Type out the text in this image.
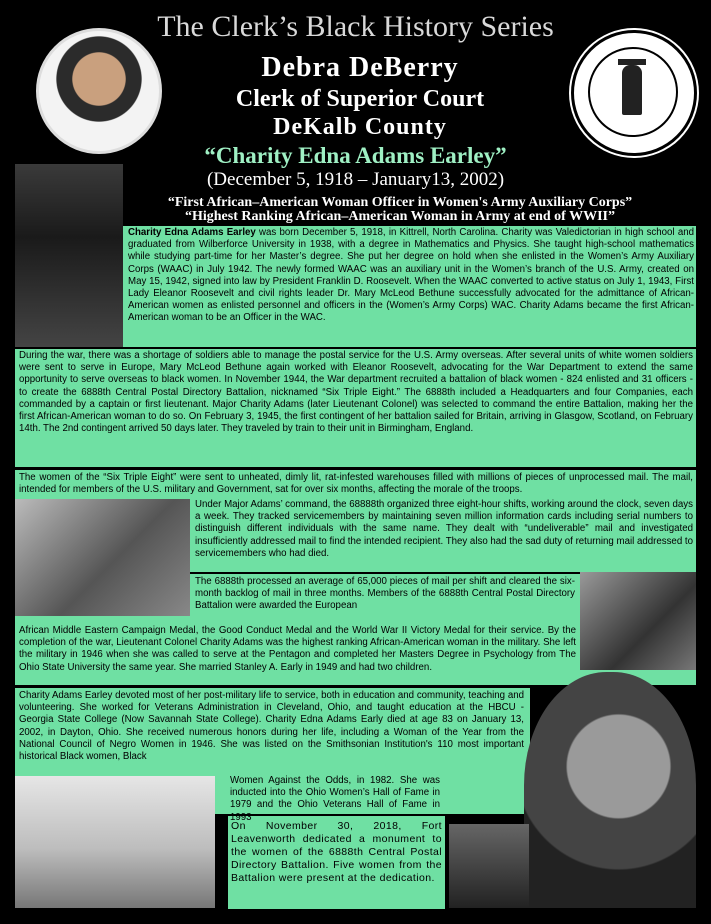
The Clerk’s Black History Series
Debra DeBerry
Clerk of Superior Court
DeKalb County
“Charity Edna Adams Earley”
(December 5, 1918 – January13, 2002)
“First African–American Woman Officer in Women's Army Auxiliary Corps”
“Highest Ranking African–American Woman in Army at end of WWII”

Charity Edna Adams Earley was born December 5, 1918, in Kittrell, North Carolina. Charity was Valedictorian in high school and graduated from Wilberforce University in 1938, with a degree in Mathematics and Physics. She taught high-school mathematics while studying part-time for her Master’s degree. She put her degree on hold when she enlisted in the Women’s Army Auxiliary Corps (WAAC) in July 1942. The newly formed WAAC was an auxiliary unit in the Women’s branch of the U.S. Army, created on May 15, 1942, signed into law by President Franklin D. Roosevelt. When the WAAC converted to active status on July 1, 1943, First Lady Eleanor Roosevelt and civil rights leader Dr. Mary McLeod Bethune successfully advocated for the admittance of African-American women as enlisted personnel and officers in the (Women’s Army Corps) WAC. Charity Adams became the first African-American woman to be an Officer in the WAC.

During the war, there was a shortage of soldiers able to manage the postal service for the U.S. Army overseas. After several units of white women soldiers were sent to serve in Europe, Mary McLeod Bethune again worked with Eleanor Roosevelt, advocating for the War Department to extend the same opportunity to serve overseas to black women. In November 1944, the War department recruited a battalion of black women - 824 enlisted and 31 officers - to create the 6888th Central Postal Directory Battalion, nicknamed “Six Triple Eight.” The 6888th included a Headquarters and four Companies, each commanded by a captain or first lieutenant. Major Charity Adams (later Lieutenant Colonel) was selected to command the entire Battalion, making her the first African-American woman to do so. On February 3, 1945, the first contingent of her battalion sailed for Britain, arriving in Glasgow, Scotland, on February 14th. The 2nd contingent arrived 50 days later. They traveled by train to their unit in Birmingham, England.

The women of the “Six Triple Eight” were sent to unheated, dimly lit, rat-infested warehouses filled with millions of pieces of unprocessed mail. The mail, intended for members of the U.S. military and Government, sat for over six months, affecting the morale of the troops.

Under Major Adams’ command, the 68888th organized three eight-hour shifts, working around the clock, seven days a week. They tracked servicemembers by maintaining seven million information cards including serial numbers to distinguish different individuals with the same name. They dealt with “undeliverable” mail and investigated insufficiently addressed mail to find the intended recipient. They also had the sad duty of returning mail addressed to servicemembers who had died.

The 6888th processed an average of 65,000 pieces of mail per shift and cleared the six-month backlog of mail in three months. Members of the 6888th Central Postal Directory Battalion were awarded the European

African Middle Eastern Campaign Medal, the Good Conduct Medal and the World War II Victory Medal for their service. By the completion of the war, Lieutenant Colonel Charity Adams was the highest ranking African-American woman in the military. She left the military in 1946 when she was called to serve at the Pentagon and completed her Masters Degree in Psychology from The Ohio State University the same year. She married Stanley A. Early in 1949 and had two children.

Charity Adams Earley devoted most of her post-military life to service, both in education and community, teaching and volunteering. She worked for Veterans Administration in Cleveland, Ohio, and taught education at the HBCU - Georgia State College (Now Savannah State College). Charity Edna Adams Early died at age 83 on January 13, 2002, in Dayton, Ohio. She received numerous honors during her life, including a Woman of the Year from the National Council of Negro Women in 1946. She was listed on the Smithsonian Institution's 110 most important historical Black women, Black

Women Against the Odds, in 1982. She was inducted into the Ohio Women’s Hall of Fame in 1979 and the Ohio Veterans Hall of Fame in 1993

On November 30, 2018, Fort Leavenworth dedicated a monument to the women of the 6888th Central Postal Directory Battalion. Five women from the Battalion were present at the dedication.
